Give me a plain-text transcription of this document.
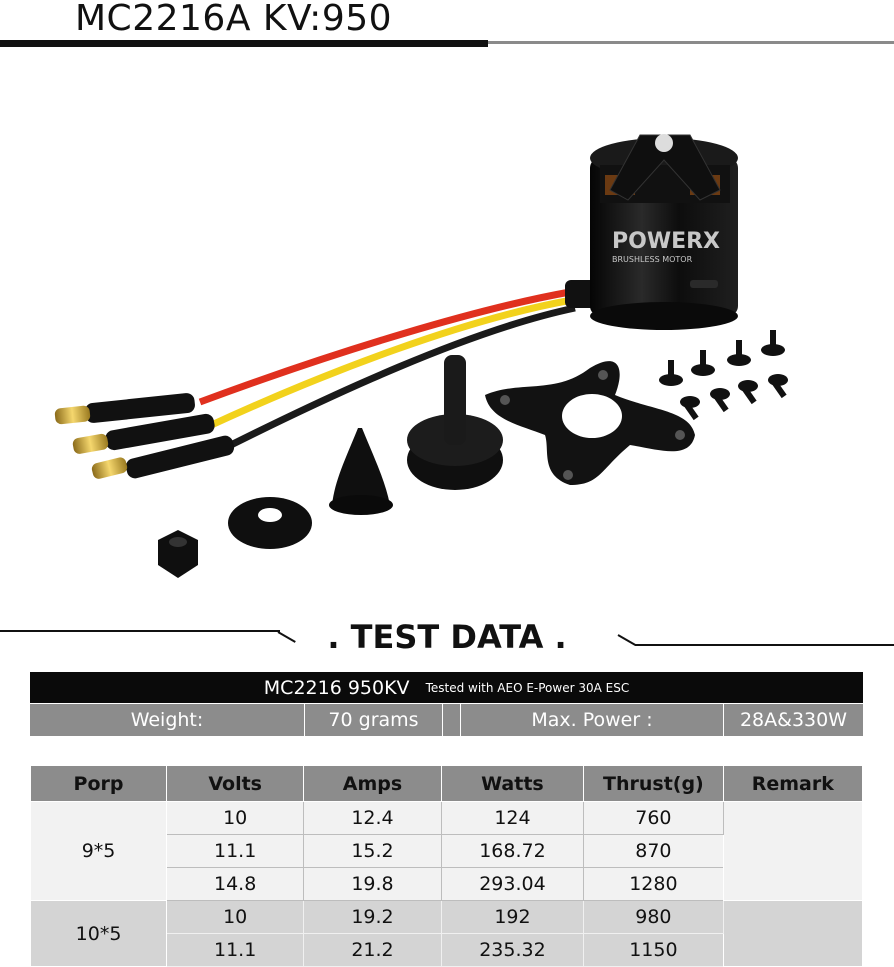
MC2216A KV:950
POWERX
BRUSHLESS MOTOR
. TEST DATA .
MC2216 950KV Tested with AEO E-Power 30A ESC
Weight:	70 grams	Max. Power :	28A&330W
Porp	Volts	Amps	Watts	Thrust(g)	Remark
9*5	10	12.4	124	760	
	11.1	15.2	168.72	870	
	14.8	19.8	293.04	1280	
10*5	10	19.2	192	980	
	11.1	21.2	235.32	1150	
